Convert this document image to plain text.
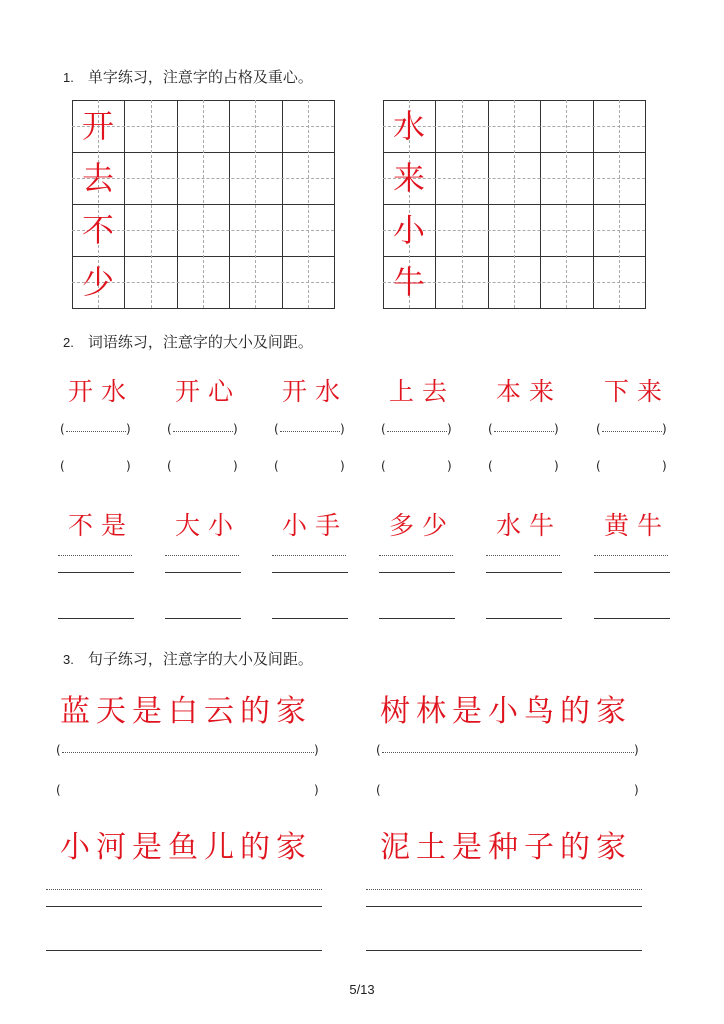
1. 单字练习，注意字的占格及重心。
2. 词语练习，注意字的大小及间距。
3. 句子练习，注意字的大小及间距。
开
去
不
少
水
来
小
牛
开水
(	)
(	)
不是
开心
(	)
(	)
大小
开水
(	)
(	)
小手
上去
(	)
(	)
多少
本来
(	)
(	)
水牛
下来
(	)
(	)
黄牛
蓝天是白云的家
(	)
(	)
小河是鱼儿的家
树林是小鸟的家
(	)
(	)
泥土是种子的家
5/13
